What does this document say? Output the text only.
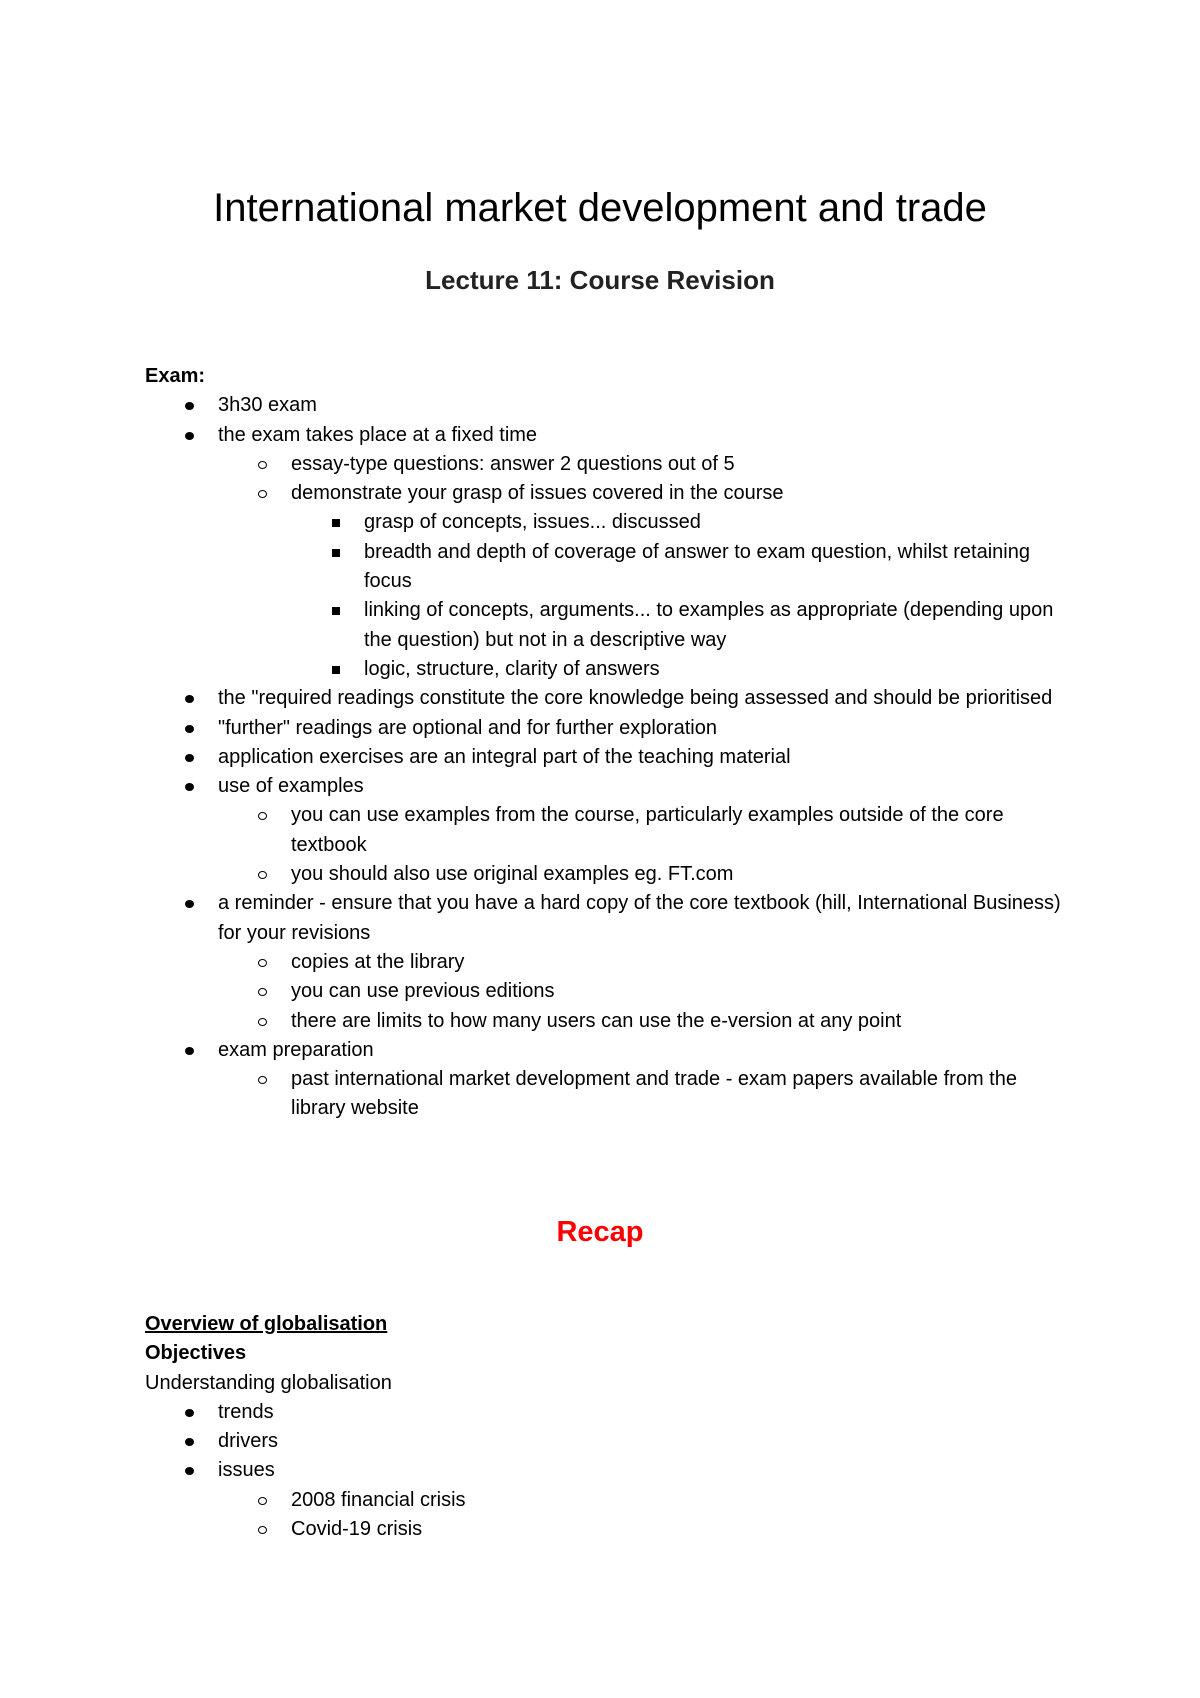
International market development and trade
Lecture 11: Course Revision

Exam:

3h30 exam
the exam takes place at a fixed time
essay-type questions: answer 2 questions out of 5
demonstrate your grasp of issues covered in the course
grasp of concepts, issues... discussed
breadth and depth of coverage of answer to exam question, whilst retaining focus
linking of concepts, arguments... to examples as appropriate (depending upon the question) but not in a descriptive way
logic, structure, clarity of answers
the "required readings constitute the core knowledge being assessed and should be prioritised
"further" readings are optional and for further exploration
application exercises are an integral part of the teaching material
use of examples
you can use examples from the course, particularly examples outside of the core textbook
you should also use original examples eg. FT.com
a reminder - ensure that you have a hard copy of the core textbook (hill, International Business) for your revisions
copies at the library
you can use previous editions
there are limits to how many users can use the e-version at any point
exam preparation
past international market development and trade - exam papers available from the library website
Recap

Overview of globalisation

Objectives

Understanding globalisation

trends
drivers
issues
2008 financial crisis
Covid-19 crisis
